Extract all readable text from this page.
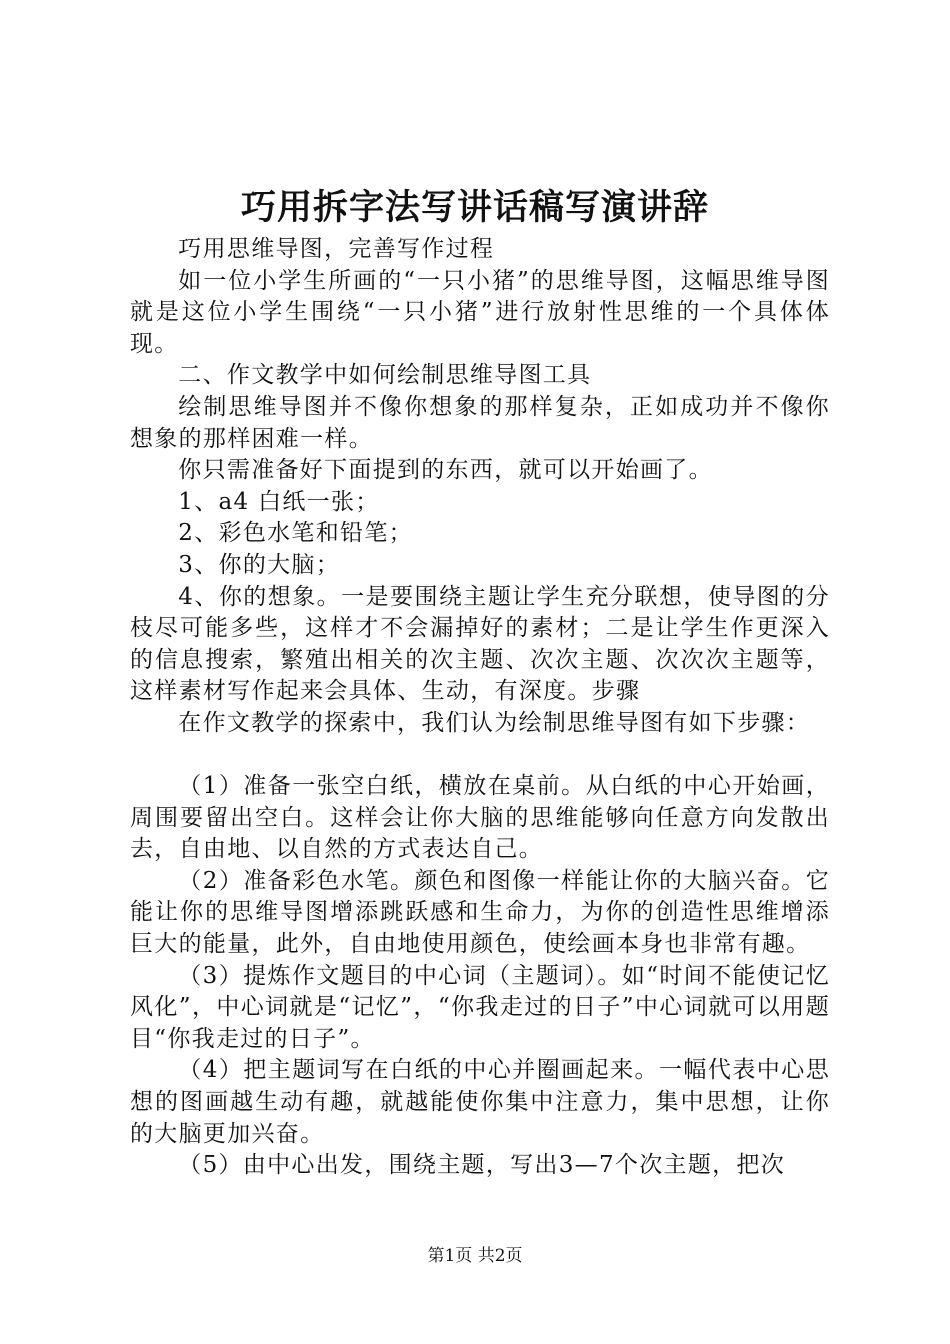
巧用拆字法写讲话稿写演讲辞

巧用思维导图，完善写作过程

如一位小学生所画的“一只小猪”的思维导图，这幅思维导图就是这位小学生围绕“一只小猪”进行放射性思维的一个具体体现。

二、作文教学中如何绘制思维导图工具

绘制思维导图并不像你想象的那样复杂，正如成功并不像你想象的那样困难一样。

你只需准备好下面提到的东西，就可以开始画了。

1、a4 白纸一张；

2、彩色水笔和铅笔；

3、你的大脑；

4、你的想象。一是要围绕主题让学生充分联想，使导图的分枝尽可能多些，这样才不会漏掉好的素材；二是让学生作更深入的信息搜索，繁殖出相关的次主题、次次主题、次次次主题等，这样素材写作起来会具体、生动，有深度。步骤

在作文教学的探索中，我们认为绘制思维导图有如下步骤：

（1）准备一张空白纸，横放在桌前。从白纸的中心开始画，周围要留出空白。这样会让你大脑的思维能够向任意方向发散出去，自由地、以自然的方式表达自己。

（2）准备彩色水笔。颜色和图像一样能让你的大脑兴奋。它能让你的思维导图增添跳跃感和生命力，为你的创造性思维增添巨大的能量，此外，自由地使用颜色，使绘画本身也非常有趣。

（3）提炼作文题目的中心词（主题词）。如“时间不能使记忆风化”，中心词就是“记忆”，“你我走过的日子”中心词就可以用题目“你我走过的日子”。

（4）把主题词写在白纸的中心并圈画起来。一幅代表中心思想的图画越生动有趣，就越能使你集中注意力，集中思想，让你的大脑更加兴奋。

（5）由中心出发，围绕主题，写出3—7个次主题，把次

第1页 共2页
